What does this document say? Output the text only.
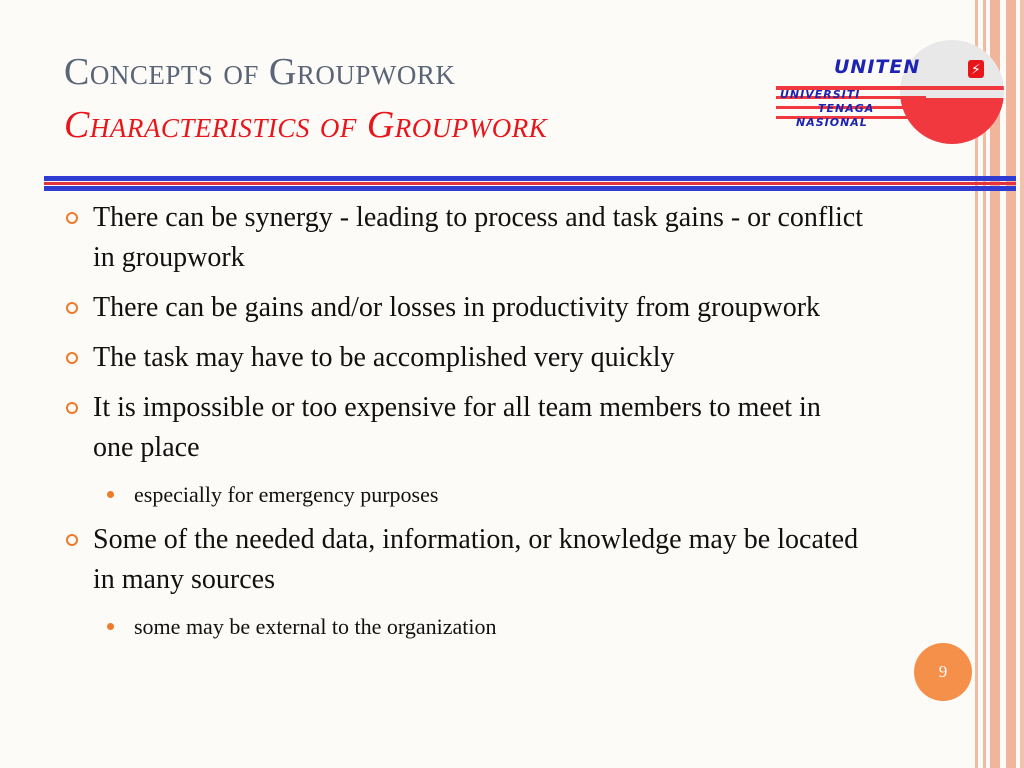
Concepts of Groupwork
Characteristics of Groupwork
⚡
UNITEN
UNIVERSITI
TENAGA
NASIONAL
There can be synergy - leading to process and task gains - or conflict in groupwork
There can be gains and/or losses in productivity from groupwork
The task may have to be accomplished very quickly
It is impossible or too expensive for all team members to meet in one place
especially for emergency purposes
Some of the needed data, information, or knowledge may be located in many sources
some may be external to the organization
9
